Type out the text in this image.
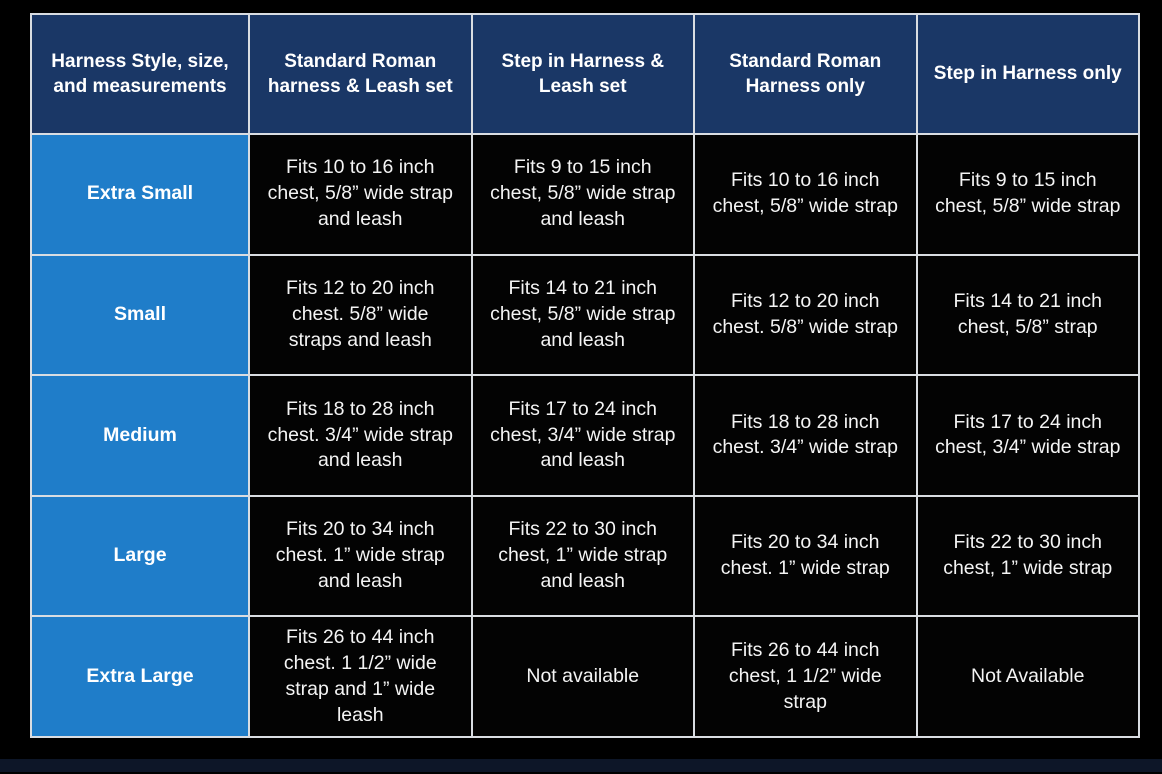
Harness Style, size, and measurements
Standard Roman harness & Leash set
Step in Harness & Leash set
Standard Roman Harness only
Step in Harness only
Extra Small
Fits 10 to 16 inch chest, 5/8” wide strap and leash
Fits 9 to 15 inch chest, 5/8” wide strap and leash
Fits 10 to 16 inch chest, 5/8” wide strap
Fits 9 to 15 inch chest, 5/8” wide strap
Small
Fits 12 to 20 inch chest. 5/8” wide straps and leash
Fits 14 to 21 inch chest, 5/8” wide strap and leash
Fits 12 to 20 inch chest. 5/8” wide strap
Fits 14 to 21 inch chest, 5/8” strap
Medium
Fits 18 to 28 inch chest. 3/4” wide strap and leash
Fits 17 to 24 inch chest, 3/4” wide strap and leash
Fits 18 to 28 inch chest. 3/4” wide strap
Fits 17 to 24 inch chest, 3/4” wide strap
Large
Fits 20 to 34 inch chest. 1” wide strap and leash
Fits 22 to 30 inch chest, 1” wide strap and leash
Fits 20 to 34 inch chest. 1” wide strap
Fits 22 to 30 inch chest, 1” wide strap
Extra Large
Fits 26 to 44 inch chest. 1 1/2” wide strap and 1” wide leash
Not available
Fits 26 to 44 inch chest, 1 1/2” wide strap
Not Available
